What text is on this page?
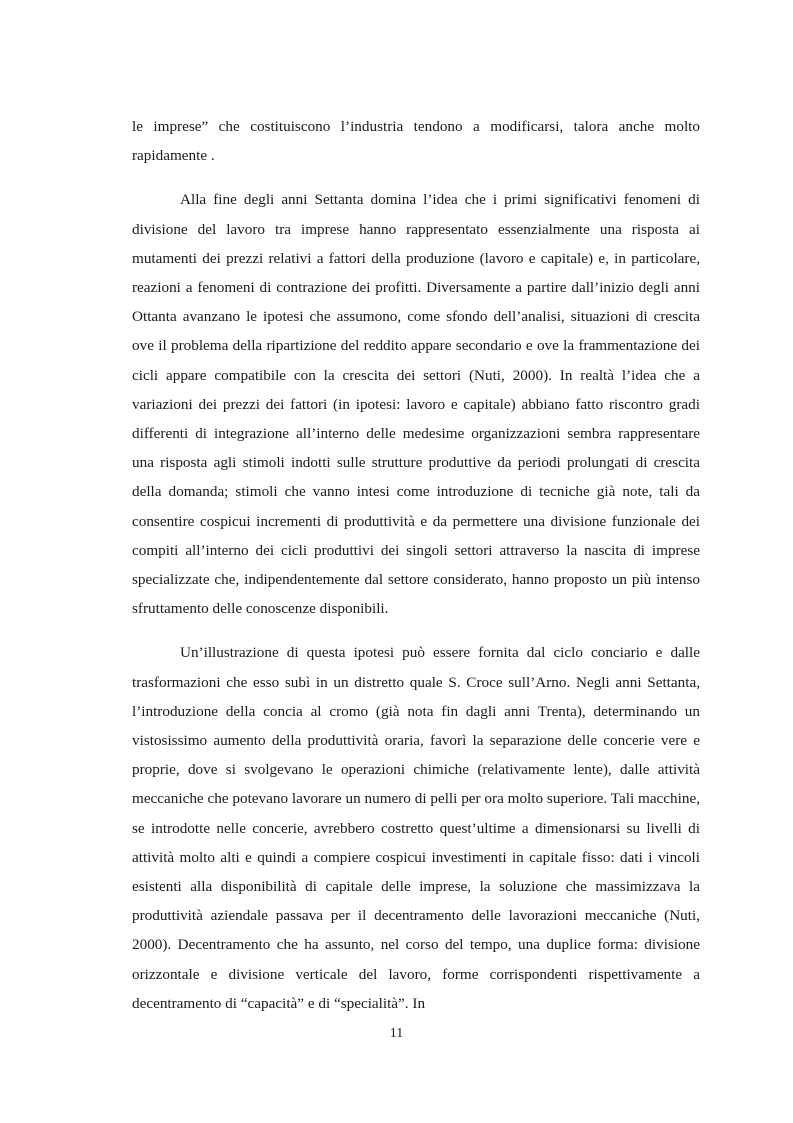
le imprese” che costituiscono l’industria tendono a modificarsi, talora anche molto rapidamente .

Alla fine degli anni Settanta domina l’idea che i primi significativi fenomeni di divisione del lavoro tra imprese hanno rappresentato essenzialmente una risposta ai mutamenti dei prezzi relativi a fattori della produzione (lavoro e capitale) e, in particolare, reazioni a fenomeni di contrazione dei profitti. Diversamente a partire dall’inizio degli anni Ottanta avanzano le ipotesi che assumono, come sfondo dell’analisi, situazioni di crescita ove il problema della ripartizione del reddito appare secondario e ove la frammentazione dei cicli appare compatibile con la crescita dei settori (Nuti, 2000). In realtà l’idea che a variazioni dei prezzi dei fattori (in ipotesi: lavoro e capitale) abbiano fatto riscontro gradi differenti di integrazione all’interno delle medesime organizzazioni sembra rappresentare una risposta agli stimoli indotti sulle strutture produttive da periodi prolungati di crescita della domanda; stimoli che vanno intesi come introduzione di tecniche già note, tali da consentire cospicui incrementi di produttività e da permettere una divisione funzionale dei compiti all’interno dei cicli produttivi dei singoli settori attraverso la nascita di imprese specializzate che, indipendentemente dal settore considerato, hanno proposto un più intenso sfruttamento delle conoscenze disponibili.

Un’illustrazione di questa ipotesi può essere fornita dal ciclo conciario e dalle trasformazioni che esso subì in un distretto quale S. Croce sull’Arno. Negli anni Settanta, l’introduzione della concia al cromo (già nota fin dagli anni Trenta), determinando un vistosissimo aumento della produttività oraria, favorì la separazione delle concerie vere e proprie, dove si svolgevano le operazioni chimiche (relativamente lente), dalle attività meccaniche che potevano lavorare un numero di pelli per ora molto superiore. Tali macchine, se introdotte nelle concerie, avrebbero costretto quest’ultime a dimensionarsi su livelli di attività molto alti e quindi a compiere cospicui investimenti in capitale fisso: dati i vincoli esistenti alla disponibilità di capitale delle imprese, la soluzione che massimizzava la produttività aziendale passava per il decentramento delle lavorazioni meccaniche (Nuti, 2000). Decentramento che ha assunto, nel corso del tempo, una duplice forma: divisione orizzontale e divisione verticale del lavoro, forme corrispondenti rispettivamente a decentramento di “capacità” e di “specialità”. In

11
